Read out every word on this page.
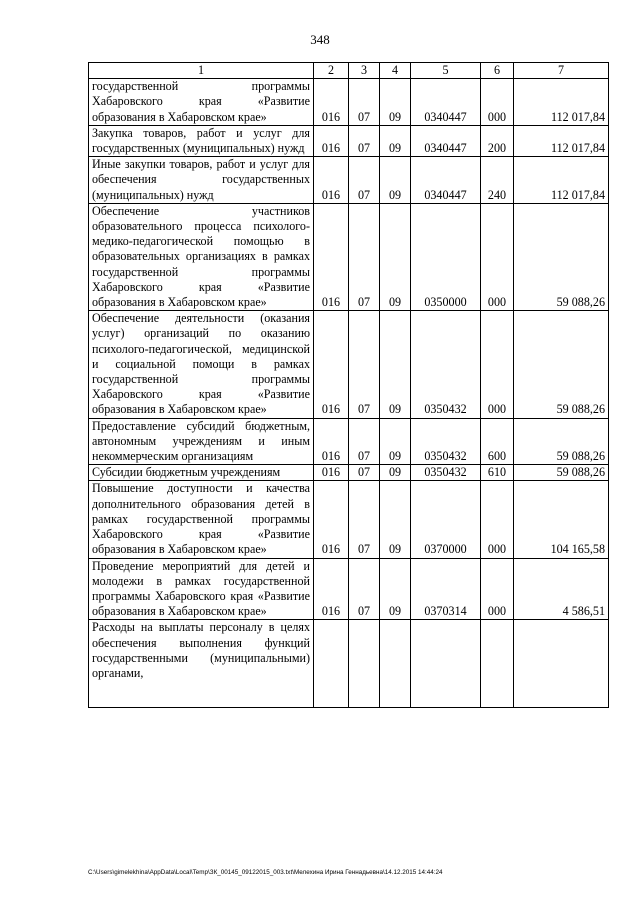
348
1	2	3	4	5	6	7
государственной программы Хабаровского края «Развитие образования в Хабаровском крае»	016	07	09	0340447	000	112 017,84
Закупка товаров, работ и услуг для государственных (муниципальных) нужд	016	07	09	0340447	200	112 017,84
Иные закупки товаров, работ и услуг для обеспечения государственных (муниципальных) нужд	016	07	09	0340447	240	112 017,84
Обеспечение участников образовательного процесса психолого-медико-педагогической помощью в образовательных организациях в рамках государственной программы Хабаровского края «Развитие образования в Хабаровском крае»	016	07	09	0350000	000	59 088,26
Обеспечение деятельности (оказания услуг) организаций по оказанию психолого-педагогической, медицинской и социальной помощи в рамках государственной программы Хабаровского края «Развитие образования в Хабаровском крае»	016	07	09	0350432	000	59 088,26
Предоставление субсидий бюджетным, автономным учреждениям и иным некоммерческим организациям	016	07	09	0350432	600	59 088,26
Субсидии бюджетным учреждениям	016	07	09	0350432	610	59 088,26
Повышение доступности и качества дополнительного образования детей в рамках государственной программы Хабаровского края «Развитие образования в Хабаровском крае»	016	07	09	0370000	000	104 165,58
Проведение мероприятий для детей и молодежи в рамках государственной программы Хабаровского края «Развитие образования в Хабаровском крае»	016	07	09	0370314	000	4 586,51
Расходы на выплаты персоналу в целях обеспечения выполнения функций государственными (муниципальными) органами,						
C:\Users\gimelekhina\AppData\Local\Temp\ЗК_00145_09122015_003.txt\Мелехина Ирина Геннадьевна\14.12.2015 14:44:24
